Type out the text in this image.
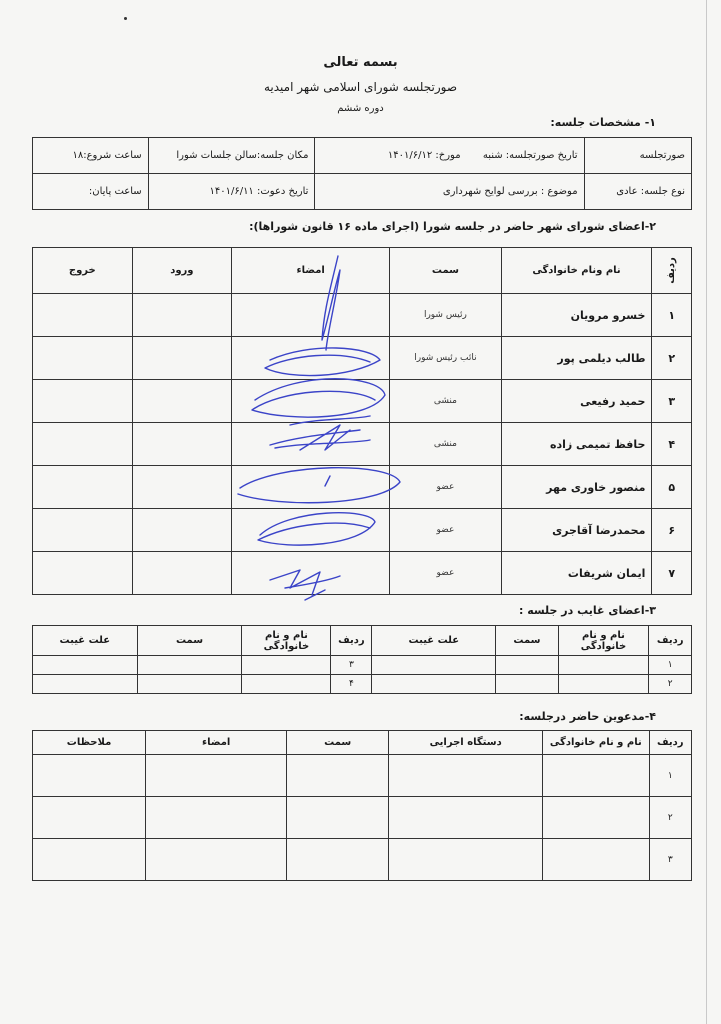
بسمه تعالی
صورتجلسه شورای اسلامی شهر امیدیه
دوره ششم
۱- مشخصات جلسه:
صورتجلسه	تاریخ صورتجلسه: شنبه       مورخ: ۱۴۰۱/۶/۱۲	مکان جلسه:سالن جلسات شورا	ساعت شروع:۱۸
نوع جلسه: عادی	موضوع : بررسی لوایح شهرداری	تاریخ دعوت: ۱۴۰۱/۶/۱۱	ساعت پایان:
۲-اعضای شورای شهر حاضر در جلسه شورا (اجرای ماده ۱۶ قانون شوراها):
ردیف	نام ونام خانوادگی	سمت	امضاء	ورود	خروج
۱	خسرو مرویان	رئیس شورا			
۲	طالب دیلمی پور	نائب رئیس شورا			
۳	حمید رفیعی	منشی			
۴	حافظ تمیمی زاده	منشی			
۵	منصور خاوری مهر	عضو			
۶	محمدرضا آقاجری	عضو			
۷	ایمان شریفات	عضو			
۳-اعضای غایب در جلسه :
ردیف	نام و نام خانوادگی	سمت	علت غیبت	ردیف	نام و نام خانوادگی	سمت	علت غیبت
۱				۳			
۲				۴			
۴-مدعوین حاضر درجلسه:
ردیف	نام و نام خانوادگی	دستگاه اجرایی	سمت	امضاء	ملاحظات
۱					
۲					
۳					
